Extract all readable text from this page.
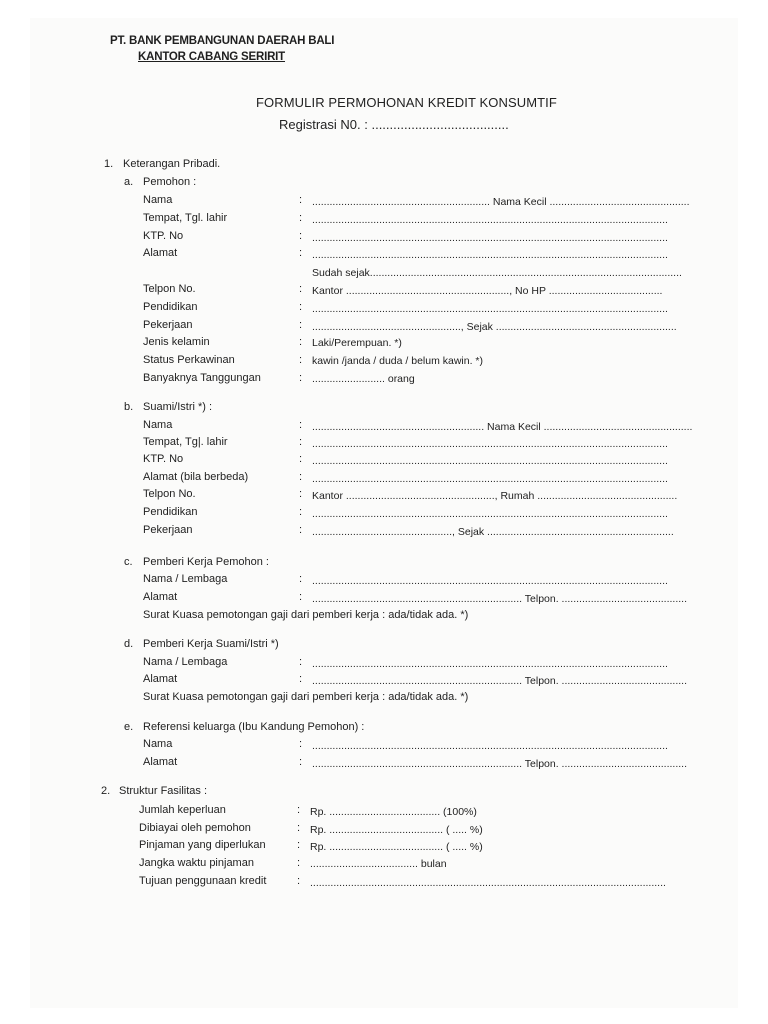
PT. BANK PEMBANGUNAN DAERAH BALI
KANTOR CABANG SERIRIT
FORMULIR PERMOHONAN KREDIT KONSUMTIF
Registrasi N0. : ......................................
1. Keterangan Pribadi.
a. Pemohon :
Nama	: ............................................................. Nama Kecil ................................................
Tempat, Tgl. lahir	: ..........................................................................................................................
KTP. No	: ..........................................................................................................................
Alamat	: ..........................................................................................................................
Sudah sejak...........................................................................................................
Telpon No.	: Kantor ........................................................, No HP .......................................
Pendidikan	: ..........................................................................................................................
Pekerjaan	: ..................................................., Sejak ..............................................................
Jenis kelamin	: Laki/Perempuan. *)
Status Perkawinan	: kawin /janda / duda / belum kawin. *)
Banyaknya Tanggungan	: ......................... orang
b. Suami/Istri *) :
Nama	: ........................................................... Nama Kecil ...................................................
Tempat, Tg|. lahir	: ..........................................................................................................................
KTP. No	: ..........................................................................................................................
Alamat (bila berbeda)	: ..........................................................................................................................
Telpon No.	: Kantor ..................................................., Rumah ................................................
Pendidikan	: ..........................................................................................................................
Pekerjaan	: ................................................, Sejak ................................................................
c. Pemberi Kerja Pemohon :
Nama / Lembaga	: ..........................................................................................................................
Alamat	: ........................................................................ Telpon. ...........................................
Surat Kuasa pemotongan gaji dari pemberi kerja : ada/tidak ada. *)
d. Pemberi Kerja Suami/Istri *)
Nama / Lembaga	: ..........................................................................................................................
Alamat	: ........................................................................ Telpon. ...........................................
Surat Kuasa pemotongan gaji dari pemberi kerja : ada/tidak ada. *)
e. Referensi keluarga (Ibu Kandung Pemohon) :
Nama	: ..........................................................................................................................
Alamat	: ........................................................................ Telpon. ...........................................
2. Struktur Fasilitas :
Jumlah keperluan	: Rp. ...................................... (100%)
Dibiayai oleh pemohon	: Rp. ....................................... ( ..... %)
Pinjaman yang diperlukan	: Rp. ....................................... ( ..... %)
Jangka waktu pinjaman	: ..................................... bulan
Tujuan penggunaan kredit	: ..........................................................................................................................
